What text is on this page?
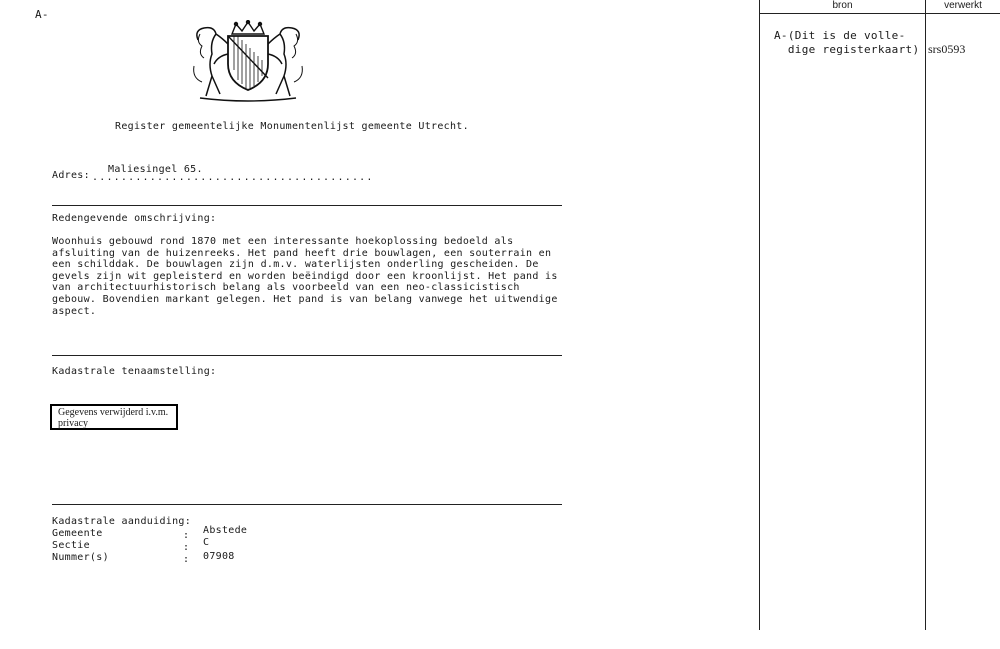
A-
Register gemeentelijke Monumentenlijst gemeente Utrecht.
Adres: .......................................
Maliesingel 65.
Redengevende omschrijving:
Woonhuis gebouwd rond 1870 met een interessante hoekoplossing bedoeld als afsluiting van de huizenreeks. Het pand heeft drie bouwlagen, een souterrain en een schilddak. De bouwlagen zijn d.m.v. waterlijsten onderling gescheiden. De gevels zijn wit gepleisterd en worden beëindigd door een kroonlijst. Het pand is van architectuurhistorisch belang als voorbeeld van een neo-classicistisch gebouw. Bovendien markant gelegen. Het pand is van belang vanwege het uitwendige aspect.
Kadastrale tenaamstelling:
Gegevens verwijderd i.v.m. privacy
Kadastrale aanduiding:
Gemeente	: Abstede
Sectie	: C
Nummer(s)	: 07908
bron	verwerkt
A-(Dit is de volle-
dige registerkaart) srs0593
